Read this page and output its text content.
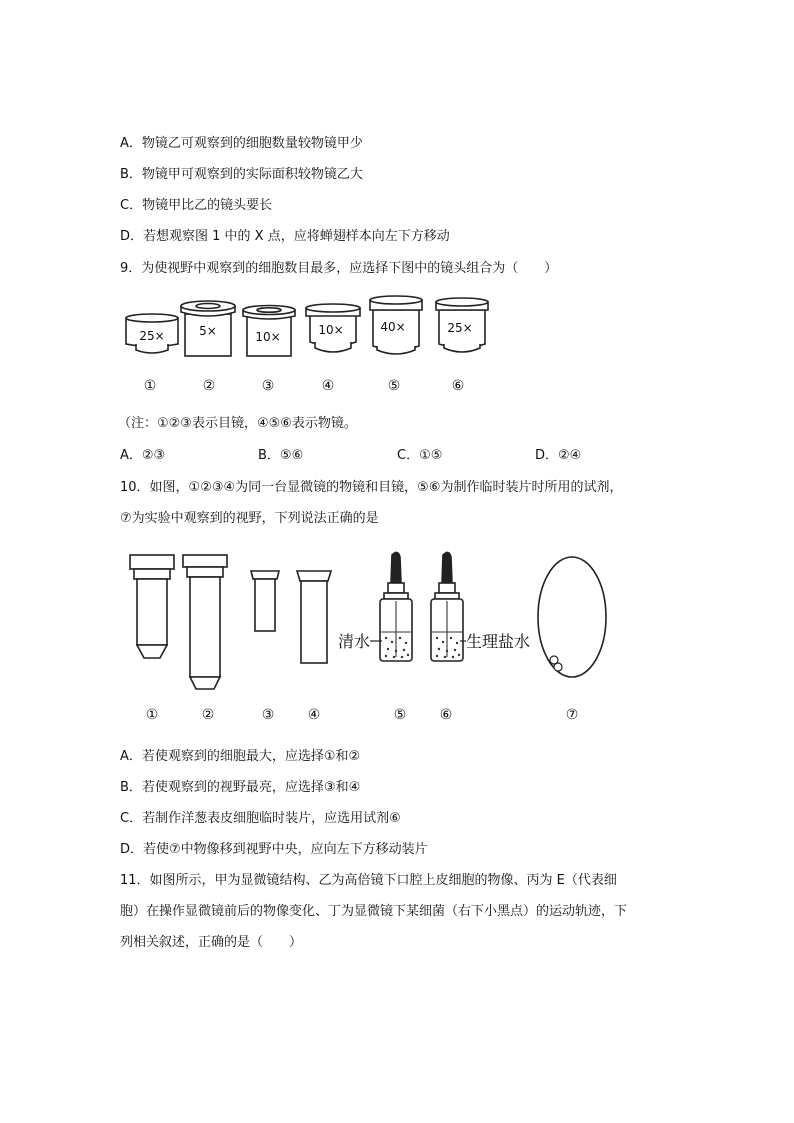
A．物镜乙可观察到的细胞数量较物镜甲少
B．物镜甲可观察到的实际面积较物镜乙大
C．物镜甲比乙的镜头要长
D．若想观察图 1 中的 X 点，应将蝉翅样本向左下方移动
9．为使视野中观察到的细胞数目最多，应选择下图中的镜头组合为（　　）
25×	5×	10×	10×	40×	25×
①	②	③	④	⑤	⑥
（注：①②③表示目镜，④⑤⑥表示物镜。
A．②③	B．⑤⑥	C．①⑤	D．②④
10．如图，①②③④为同一台显微镜的物镜和目镜，⑤⑥为制作临时装片时所用的试剂，
⑦为实验中观察到的视野，下列说法正确的是
清水	生理盐水
①	②	③	④	⑤	⑥	⑦
A．若使观察到的细胞最大，应选择①和②
B．若使观察到的视野最亮，应选择③和④
C．若制作洋葱表皮细胞临时装片，应选用试剂⑥
D．若使⑦中物像移到视野中央，应向左下方移动装片
11．如图所示，甲为显微镜结构、乙为高倍镜下口腔上皮细胞的物像、丙为 E（代表细
胞）在操作显微镜前后的物像变化、丁为显微镜下某细菌（右下小黑点）的运动轨迹，下
列相关叙述，正确的是（　　）
